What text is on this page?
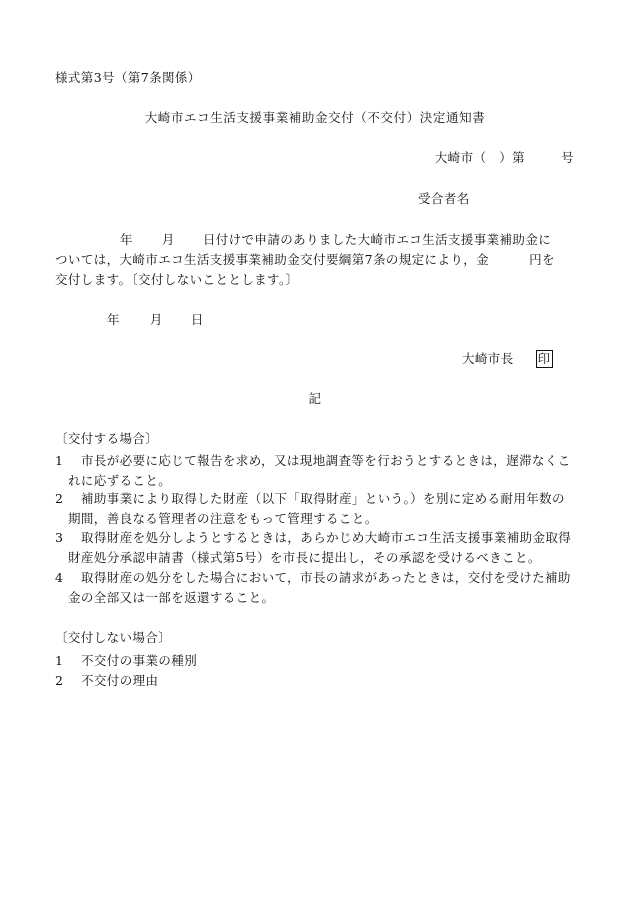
様式第3号（第7条関係）
大崎市エコ生活支援事業補助金交付（不交付）決定通知書
大崎市（　）第	号
受合者名
年 月 日付けで申請のありました大崎市エコ生活支援事業補助金に
ついては，大崎市エコ生活支援事業補助金交付要綱第7条の規定により，金	円を
交付します。〔交付しないこととします。〕
年 月 日
大崎市長 印
記
〔交付する場合〕
1 市長が必要に応じて報告を求め，又は現地調査等を行おうとするときは，遅滞なくこ
れに応ずること。
2 補助事業により取得した財産（以下「取得財産」という。）を別に定める耐用年数の
期間，善良なる管理者の注意をもって管理すること。
3 取得財産を処分しようとするときは，あらかじめ大崎市エコ生活支援事業補助金取得
財産処分承認申請書（様式第5号）を市長に提出し，その承認を受けるべきこと。
4 取得財産の処分をした場合において，市長の請求があったときは，交付を受けた補助
金の全部又は一部を返還すること。
〔交付しない場合〕
1 不交付の事業の種別
2 不交付の理由
